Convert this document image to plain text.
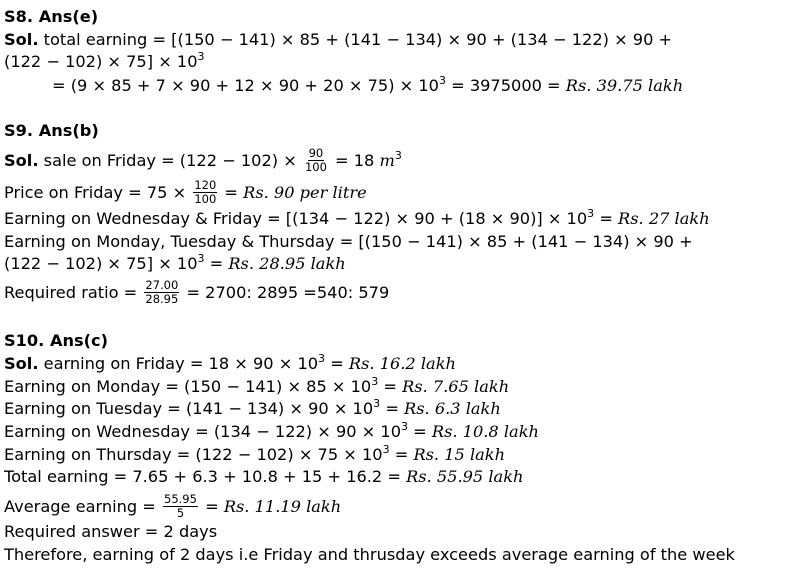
S8. Ans(e)
Sol. total earning = [(150 − 141) × 85 + (141 − 134) × 90 + (134 − 122) × 90 +
$(122 - 102) \times 75] \times 10^3$
= $(9 \times 85 + 7 \times 90 + 12 \times 90 + 20 \times 75) \times 10^3 = 3975000 = Rs$. 39.75 lakh
S9. Ans(b)
Sol. sale on Friday = $(122 - 102) \times \frac{90}{100} = 18$ $m^3$
Price on Friday = $75 \times \frac{120}{100} = Rs$. 90 per litre
Earning on Wednesday & Friday = $[(134 - 122) \times 90 + (18 \times 90)] \times 10^3 = Rs$. 27 lakh
Earning on Monday, Tuesday & Thursday = [(150 − 141) × 85 + (141 − 134) × 90 +
$(122 - 102) \times 75] \times 10^3 = Rs$. 28.95 lakh
Required ratio = $\frac{27.00}{28.95} = 2700$: 2895 =540: 579
S10. Ans(c)
Sol. earning on Friday = $18 \times 90 \times 10^3 = Rs$. 16.2 lakh
Earning on Monday = $(150 - 141) \times 85 \times 10^3 = Rs$. 7.65 lakh
Earning on Tuesday = $(141 - 134) \times 90 \times 10^3 = Rs$. 6.3 lakh
Earning on Wednesday = $(134 - 122) \times 90 \times 10^3 = Rs$. 10.8 lakh
Earning on Thursday = $(122 - 102) \times 75 \times 10^3 = Rs$. 15 lakh
Total earning = 7.65 + 6.3 + 10.8 + 15 + 16.2 = Rs. 55.95 lakh
Average earning = $\frac{55.95}{5} = Rs$. 11.19 lakh
Required answer = 2 days
Therefore, earning of 2 days i.e Friday and thrusday exceeds average earning of the week
